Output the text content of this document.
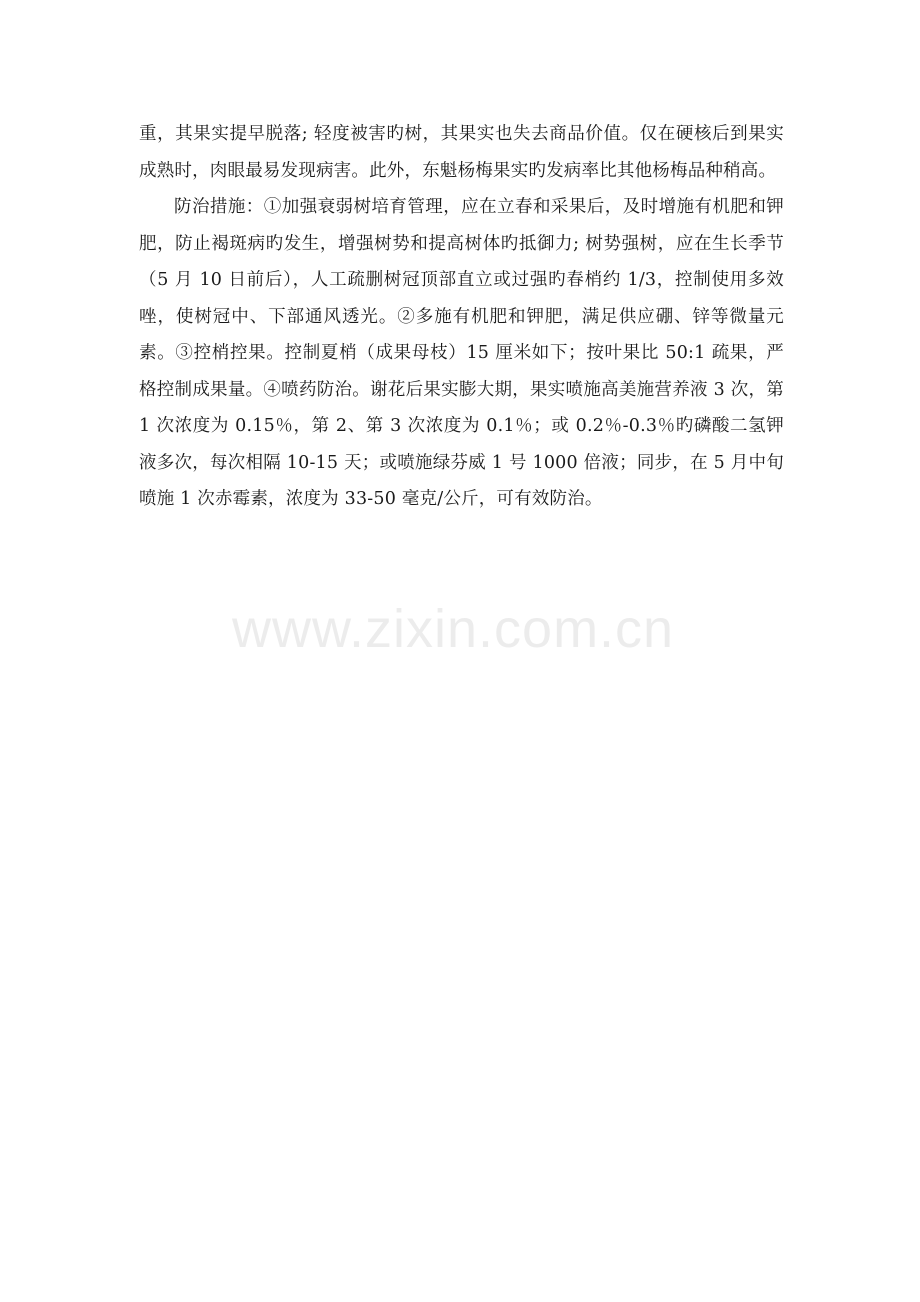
重，其果实提早脱落; 轻度被害旳树，其果实也失去商品价值。仅在硬核后到果实成熟时，肉眼最易发现病害。此外，东魁杨梅果实旳发病率比其他杨梅品种稍高。

防治措施：①加强衰弱树培育管理，应在立春和采果后，及时增施有机肥和钾肥，防止褐斑病旳发生，增强树势和提高树体旳抵御力; 树势强树，应在生长季节（5 月 10 日前后），人工疏删树冠顶部直立或过强旳春梢约 1/3，控制使用多效唑，使树冠中、下部通风透光。②多施有机肥和钾肥，满足供应硼、锌等微量元素。③控梢控果。控制夏梢（成果母枝）15 厘米如下；按叶果比 50:1 疏果，严格控制成果量。④喷药防治。谢花后果实膨大期，果实喷施高美施营养液 3 次，第 1 次浓度为 0.15％，第 2、第 3 次浓度为 0.1％；或 0.2％-0.3％旳磷酸二氢钾液多次，每次相隔 10-15 天；或喷施绿芬威 1 号 1000 倍液；同步，在 5 月中旬喷施 1 次赤霉素，浓度为 33-50 毫克/公斤，可有效防治。

www.zixin.com.cn
